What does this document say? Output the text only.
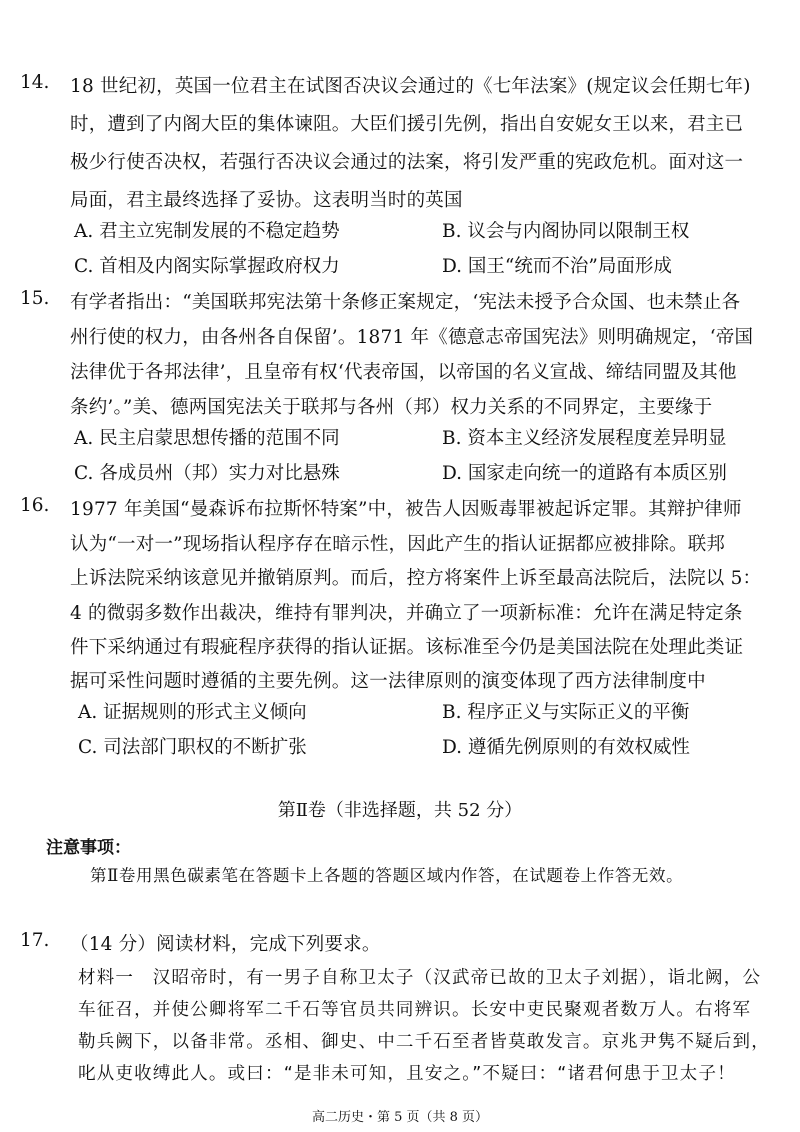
14. 18 世纪初，英国一位君主在试图否决议会通过的《七年法案》(规定议会任期七年)
时，遭到了内阁大臣的集体谏阻。大臣们援引先例，指出自安妮女王以来，君主已
极少行使否决权，若强行否决议会通过的法案，将引发严重的宪政危机。面对这一
局面，君主最终选择了妥协。这表明当时的英国
A. 君主立宪制发展的不稳定趋势	B. 议会与内阁协同以限制王权
C. 首相及内阁实际掌握政府权力	D. 国王“统而不治”局面形成
15. 有学者指出：“美国联邦宪法第十条修正案规定，‘宪法未授予合众国、也未禁止各
州行使的权力，由各州各自保留’。1871 年《德意志帝国宪法》则明确规定，‘帝国
法律优于各邦法律’，且皇帝有权‘代表帝国，以帝国的名义宣战、缔结同盟及其他
条约’。”美、德两国宪法关于联邦与各州（邦）权力关系的不同界定，主要缘于
A. 民主启蒙思想传播的范围不同	B. 资本主义经济发展程度差异明显
C. 各成员州（邦）实力对比悬殊	D. 国家走向统一的道路有本质区别
16. 1977 年美国“曼森诉布拉斯怀特案”中，被告人因贩毒罪被起诉定罪。其辩护律师
认为“一对一”现场指认程序存在暗示性，因此产生的指认证据都应被排除。联邦
上诉法院采纳该意见并撤销原判。而后，控方将案件上诉至最高法院后，法院以 5：
4 的微弱多数作出裁决，维持有罪判决，并确立了一项新标准：允许在满足特定条
件下采纳通过有瑕疵程序获得的指认证据。该标准至今仍是美国法院在处理此类证
据可采性问题时遵循的主要先例。这一法律原则的演变体现了西方法律制度中
A. 证据规则的形式主义倾向	B. 程序正义与实际正义的平衡
C. 司法部门职权的不断扩张	D. 遵循先例原则的有效权威性
第Ⅱ卷（非选择题，共 52 分）
注意事项：
第Ⅱ卷用黑色碳素笔在答题卡上各题的答题区域内作答，在试题卷上作答无效。
17. （14 分）阅读材料，完成下列要求。
材料一　汉昭帝时，有一男子自称卫太子（汉武帝已故的卫太子刘据），诣北阙，公
车征召，并使公卿将军二千石等官员共同辨识。长安中吏民聚观者数万人。右将军
勒兵阙下，以备非常。丞相、御史、中二千石至者皆莫敢发言。京兆尹隽不疑后到，
叱从吏收缚此人。或曰：“是非未可知，且安之。”不疑曰：“诸君何患于卫太子！
高二历史・第 5 页（共 8 页）
